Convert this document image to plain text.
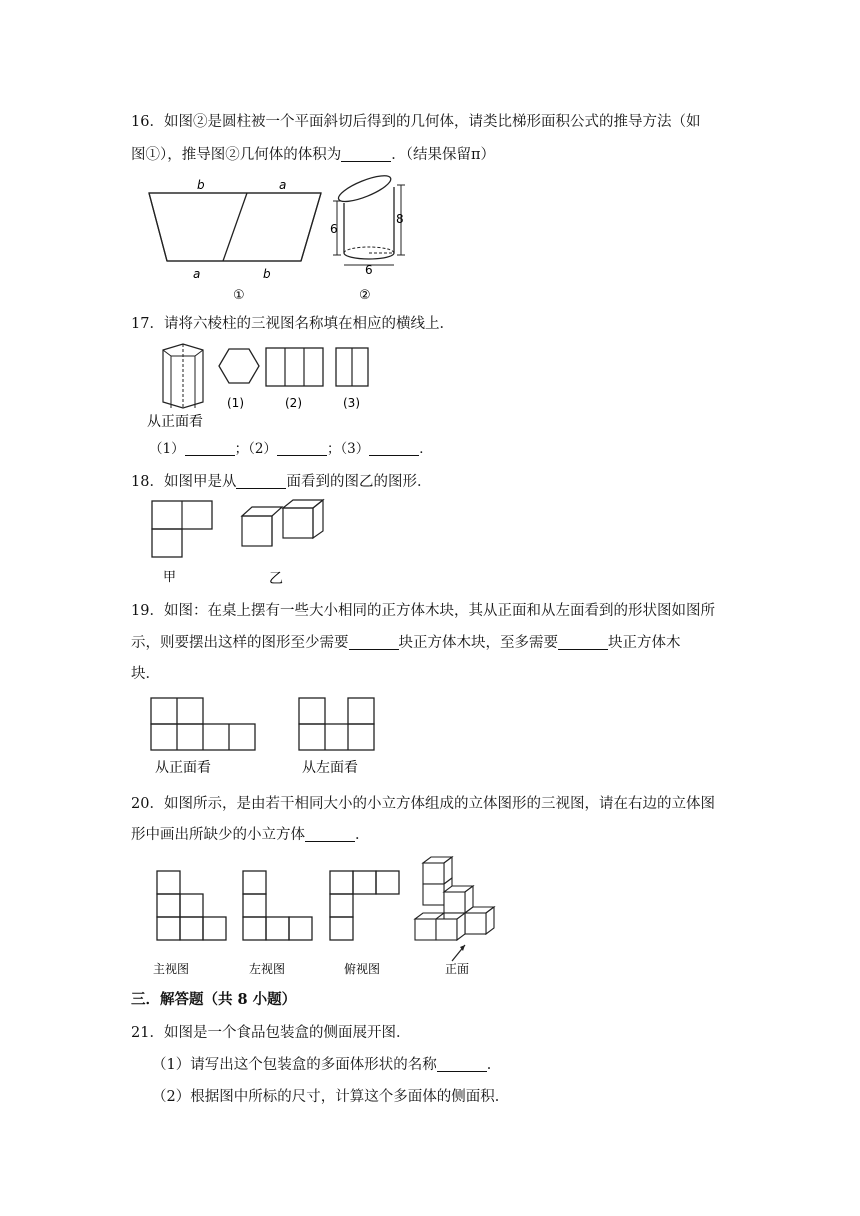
16．如图②是圆柱被一个平面斜切后得到的几何体，请类比梯形面积公式的推导方法（如
图①），推导图②几何体的体积为	．（结果保留π）
b	a
a	b
①
6
8
6
②
17．请将六棱柱的三视图名称填在相应的横线上．
从正面看
(1)	(2)	(3)
（1）	；（2）	；（3）	．
18．如图甲是从	面看到的图乙的图形．
甲	乙
19．如图：在桌上摆有一些大小相同的正方体木块，其从正面和从左面看到的形状图如图所
示，则要摆出这样的图形至少需要	块正方体木块，至多需要	块正方体木
块．
从正面看	从左面看
20．如图所示，是由若干相同大小的小立方体组成的立体图形的三视图，请在右边的立体图
形中画出所缺少的小立方体	．
主视图	左视图	俯视图	正面
三．解答题（共 8 小题）
21．如图是一个食品包装盒的侧面展开图．
（1）请写出这个包装盒的多面体形状的名称	．
（2）根据图中所标的尺寸，计算这个多面体的侧面积．
